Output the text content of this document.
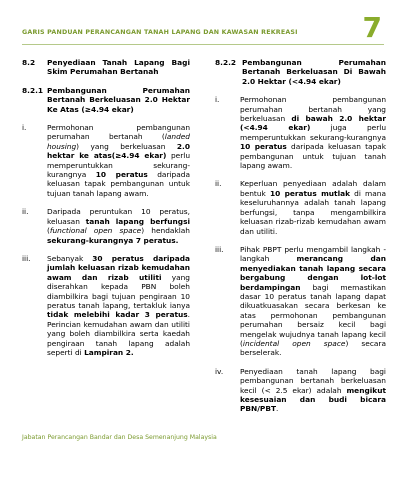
GARIS PANDUAN PERANCANGAN TANAH LAPANG DAN KAWASAN REKREASI 7
8.2	Penyediaan Tanah Lapang Bagi Skim Perumahan Bertanah
8.2.1 Pembangunan Perumahan Bertanah Berkeluasan 2.0 Hektar Ke Atas (≥4.94 ekar)
i.	Permohonan pembangunan perumahan bertanah (landed housing) yang berkeluasan 2.0 hektar ke atas(≥4.94 ekar) perlu memperuntukkan sekurang-kurangnya 10 peratus daripada keluasan tapak pembangunan untuk tujuan tanah lapang awam.
ii.	Daripada peruntukan 10 peratus, keluasan tanah lapang berfungsi (functional open space) hendaklah sekurang-kurangnya 7 peratus.
iii.	Sebanyak 30 peratus daripada jumlah keluasan rizab kemudahan awam dan rizab utiliti yang diserahkan kepada PBN boleh diambilkira bagi tujuan pengiraan 10 peratus tanah lapang, tertakluk ianya tidak melebihi kadar 3 peratus. Perincian kemudahan awam dan utiliti yang boleh diambilkira serta kaedah pengiraan tanah lapang adalah seperti di Lampiran 2.
8.2.2 Pembangunan Perumahan Bertanah Berkeluasan Di Bawah 2.0 Hektar (<4.94 ekar)
i.	Permohonan pembangunan perumahan bertanah yang berkeluasan di bawah 2.0 hektar (<4.94 ekar) juga perlu memperuntukkan sekurang-kurangnya 10 peratus daripada keluasan tapak pembangunan untuk tujuan tanah lapang awam.
ii.	Keperluan penyediaan adalah dalam bentuk 10 peratus mutlak di mana keseluruhannya adalah tanah lapang berfungsi, tanpa mengambilkira keluasan rizab-rizab kemudahan awam dan utiliti.
iii.	Pihak PBPT perlu mengambil langkah -langkah merancang dan menyediakan tanah lapang secara bergabung dengan lot-lot berdampingan bagi memastikan dasar 10 peratus tanah lapang dapat dikuatkuasakan secara berkesan ke atas permohonan pembangunan perumahan bersaiz kecil bagi mengelak wujudnya tanah lapang kecil (incidental open space) secara berselerak.
iv.	Penyediaan tanah lapang bagi pembangunan bertanah berkeluasan kecil (< 2.5 ekar) adalah mengikut kesesuaian dan budi bicara PBN/PBT.
Jabatan Perancangan Bandar dan Desa Semenanjung Malaysia
